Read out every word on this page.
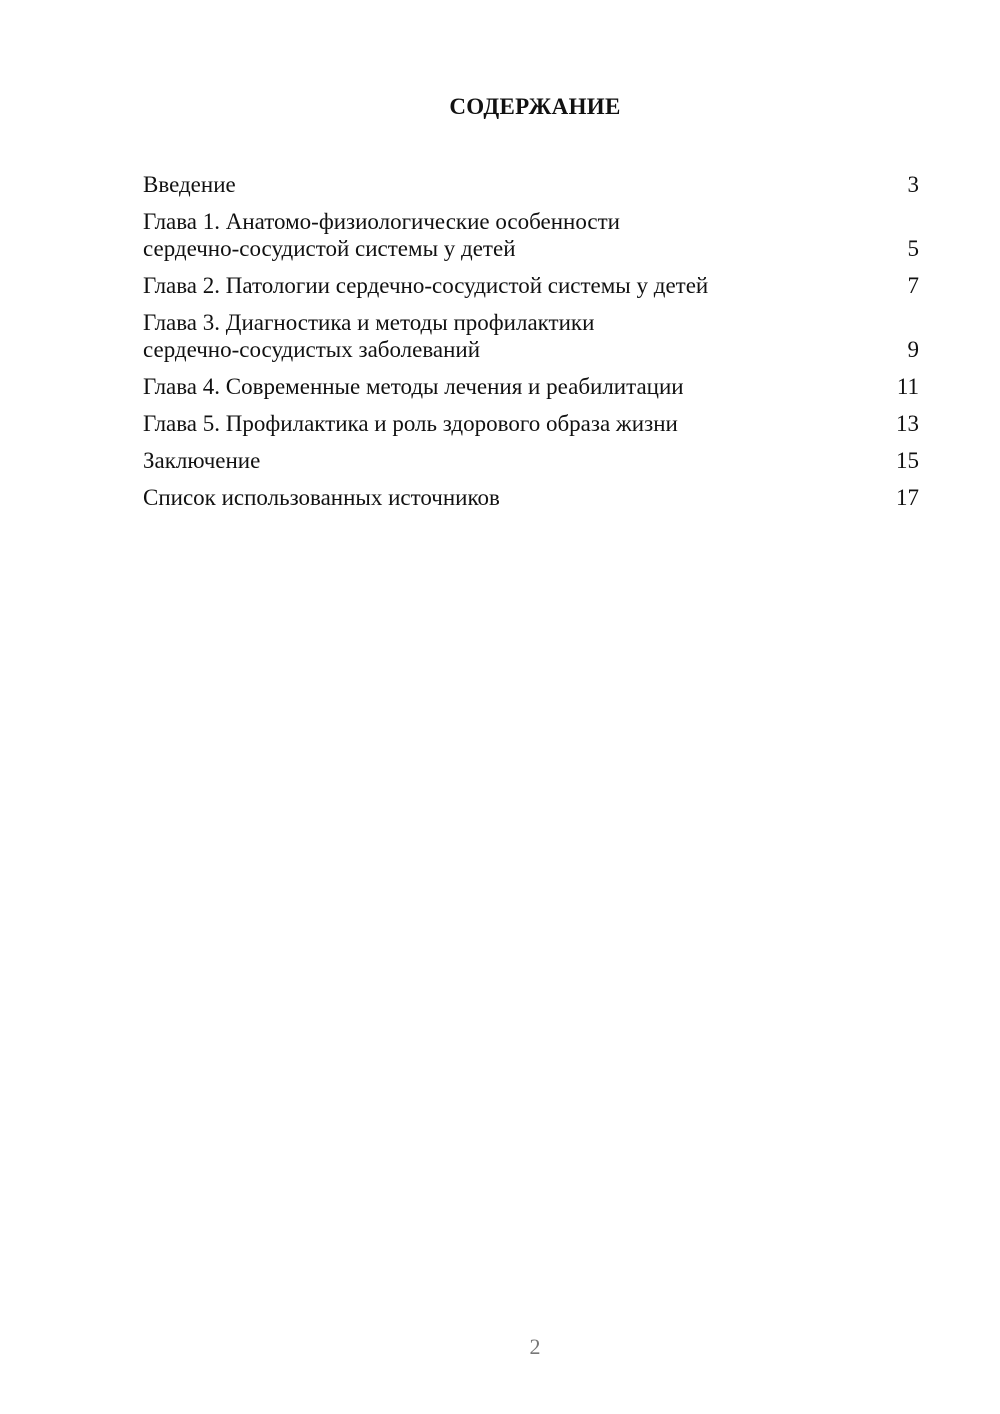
СОДЕРЖАНИЕ
Введение	3
Глава 1. Анатомо-физиологические особенности
сердечно-сосудистой системы у детей	5
Глава 2. Патологии сердечно-сосудистой системы у детей	7
Глава 3. Диагностика и методы профилактики
сердечно-сосудистых заболеваний	9
Глава 4. Современные методы лечения и реабилитации	11
Глава 5. Профилактика и роль здорового образа жизни	13
Заключение	15
Список использованных источников	17
2
